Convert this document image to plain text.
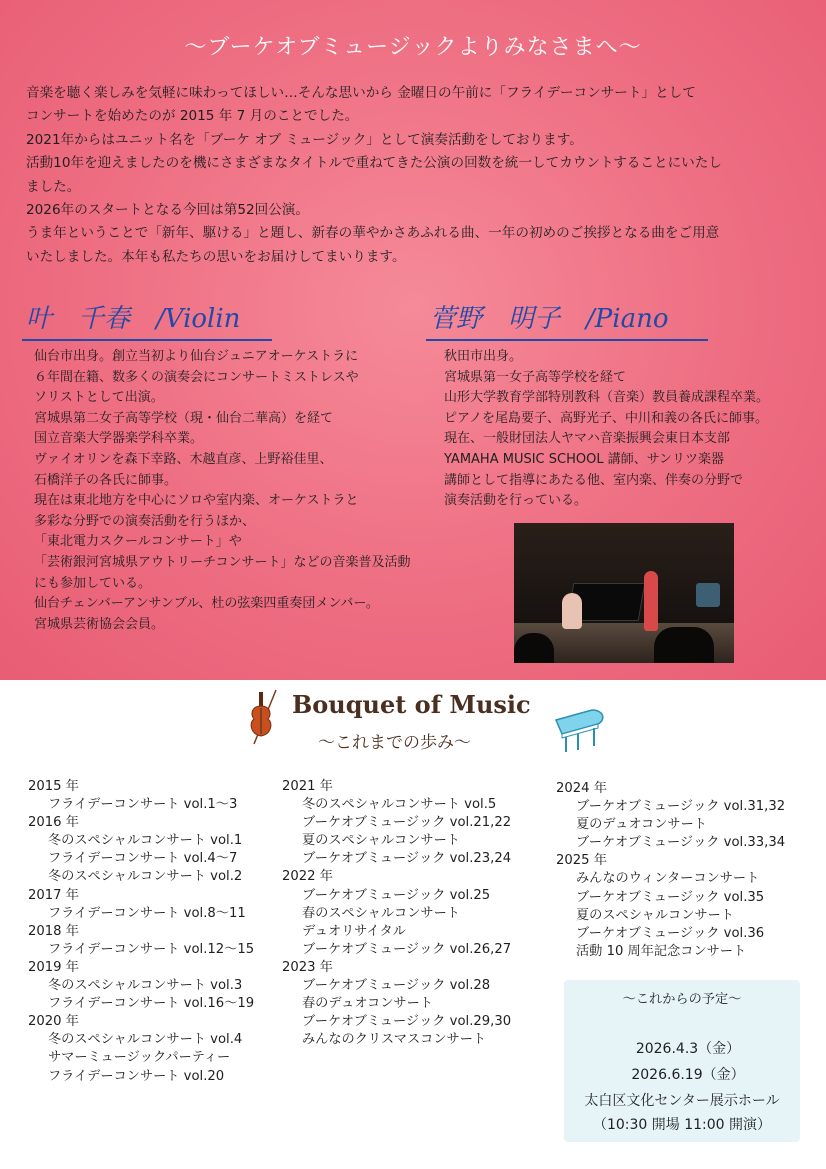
〜ブーケオブミュージックよりみなさまへ〜
音楽を聴く楽しみを気軽に味わってほしい…そんな思いから 金曜日の午前に「フライデーコンサート」として
コンサートを始めたのが 2015 年 7 月のことでした。
2021年からはユニット名を「ブーケ オブ ミュージック」として演奏活動をしております。
活動10年を迎えましたのを機にさまざまなタイトルで重ねてきた公演の回数を統一してカウントすることにいたし
ました。
2026年のスタートとなる今回は第52回公演。
うま年ということで「新年、駆ける」と題し、新春の華やかさあふれる曲、一年の初めのご挨拶となる曲をご用意
いたしました。本年も私たちの思いをお届けしてまいります。
叶　千春　/Violin	菅野　明子　/Piano
仙台市出身。創立当初より仙台ジュニアオーケストラに
６年間在籍、数多くの演奏会にコンサートミストレスや
ソリストとして出演。
宮城県第二女子高等学校（現・仙台二華高）を経て
国立音楽大学器楽学科卒業。
ヴァイオリンを森下幸路、木越直彦、上野裕佳里、
石橋洋子の各氏に師事。
現在は東北地方を中心にソロや室内楽、オーケストラと
多彩な分野での演奏活動を行うほか、
「東北電力スクールコンサート」や
「芸術銀河宮城県アウトリーチコンサート」などの音楽普及活動
にも参加している。
仙台チェンバーアンサンブル、杜の弦楽四重奏団メンバー。
宮城県芸術協会会員。
秋田市出身。
宮城県第一女子高等学校を経て
山形大学教育学部特別教科（音楽）教員養成課程卒業。
ピアノを尾島要子、高野光子、中川和義の各氏に師事。
現在、一般財団法人ヤマハ音楽振興会東日本支部
YAMAHA MUSIC SCHOOL 講師、サンリツ楽器
講師として指導にあたる他、室内楽、伴奏の分野で
演奏活動を行っている。
Bouquet of Music
〜これまでの歩み〜
2015 年
フライデーコンサート vol.1〜3
2016 年
冬のスペシャルコンサート vol.1
フライデーコンサート vol.4〜7
冬のスペシャルコンサート vol.2
2017 年
フライデーコンサート vol.8〜11
2018 年
フライデーコンサート vol.12〜15
2019 年
冬のスペシャルコンサート vol.3
フライデーコンサート vol.16〜19
2020 年
冬のスペシャルコンサート vol.4
サマーミュージックパーティー
フライデーコンサート vol.20
2021 年
冬のスペシャルコンサート vol.5
ブーケオブミュージック vol.21,22
夏のスペシャルコンサート
ブーケオブミュージック vol.23,24
2022 年
ブーケオブミュージック vol.25
春のスペシャルコンサート
デュオリサイタル
ブーケオブミュージック vol.26,27
2023 年
ブーケオブミュージック vol.28
春のデュオコンサート
ブーケオブミュージック vol.29,30
みんなのクリスマスコンサート
2024 年
ブーケオブミュージック vol.31,32
夏のデュオコンサート
ブーケオブミュージック vol.33,34
2025 年
みんなのウィンターコンサート
ブーケオブミュージック vol.35
夏のスペシャルコンサート
ブーケオブミュージック vol.36
活動 10 周年記念コンサート
〜これからの予定〜
2026.4.3（金）
2026.6.19（金）
太白区文化センター展示ホール
（10:30 開場 11:00 開演）
